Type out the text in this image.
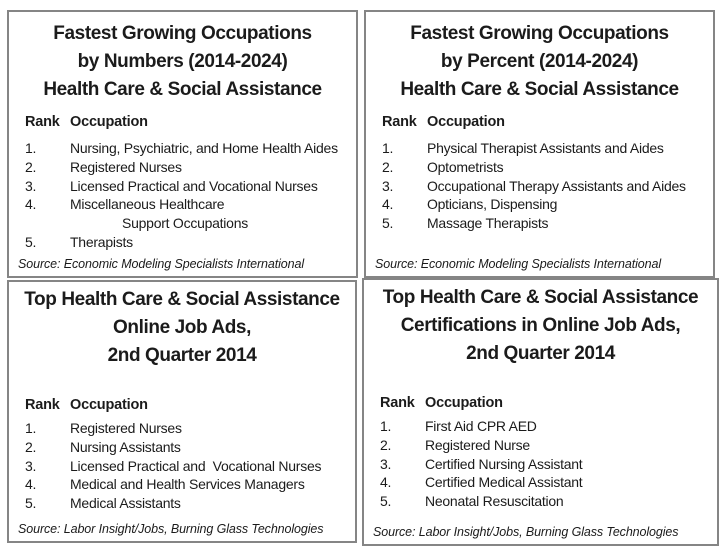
Fastest Growing Occupations
by Numbers (2014-2024)
Health Care & Social Assistance
Rank Occupation
1.	Nursing, Psychiatric, and Home Health Aides
2.	Registered Nurses
3.	Licensed Practical and Vocational Nurses
4.	Miscellaneous Healthcare
Support Occupations
5.	Therapists
Source: Economic Modeling Specialists International
Fastest Growing Occupations
by Percent (2014-2024)
Health Care & Social Assistance
Rank Occupation
1.	Physical Therapist Assistants and Aides
2.	Optometrists
3.	Occupational Therapy Assistants and Aides
4.	Opticians, Dispensing
5.	Massage Therapists
Source: Economic Modeling Specialists International
Top Health Care & Social Assistance
Online Job Ads,
2nd Quarter 2014
Rank Occupation
1.	Registered Nurses
2.	Nursing Assistants
3.	Licensed Practical and  Vocational Nurses
4.	Medical and Health Services Managers
5.	Medical Assistants
Source: Labor Insight/Jobs, Burning Glass Technologies
Top Health Care & Social Assistance
Certifications in Online Job Ads,
2nd Quarter 2014
Rank Occupation
1.	First Aid CPR AED
2.	Registered Nurse
3.	Certified Nursing Assistant
4.	Certified Medical Assistant
5.	Neonatal Resuscitation
Source: Labor Insight/Jobs, Burning Glass Technologies
